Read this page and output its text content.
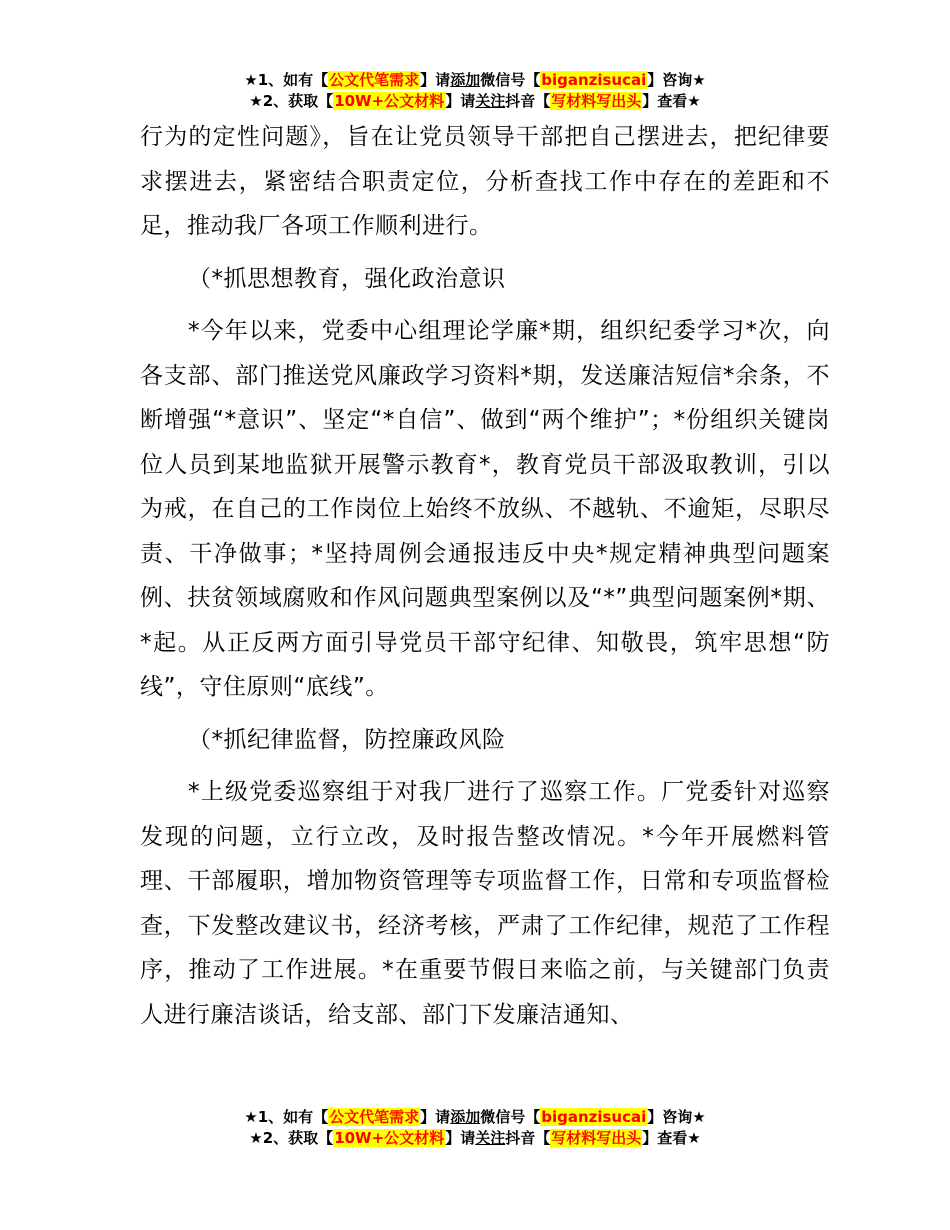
★1、如有【公文代笔需求】请添加微信号【biganzisucai】咨询★
★2、获取【10W+公文材料】请关注抖音【写材料写出头】查看★

行为的定性问题》，旨在让党员领导干部把自己摆进去，把纪律要求摆进去，紧密结合职责定位，分析查找工作中存在的差距和不足，推动我厂各项工作顺利进行。

（*抓思想教育，强化政治意识

*今年以来，党委中心组理论学廉*期，组织纪委学习*次，向各支部、部门推送党风廉政学习资料*期，发送廉洁短信*余条，不断增强“*意识”、坚定“*自信”、做到“两个维护”；*份组织关键岗位人员到某地监狱开展警示教育*，教育党员干部汲取教训，引以为戒，在自己的工作岗位上始终不放纵、不越轨、不逾矩，尽职尽责、干净做事；*坚持周例会通报违反中央*规定精神典型问题案例、扶贫领域腐败和作风问题典型案例以及“*”典型问题案例*期、*起。从正反两方面引导党员干部守纪律、知敬畏，筑牢思想“防线”，守住原则“底线”。

（*抓纪律监督，防控廉政风险

*上级党委巡察组于对我厂进行了巡察工作。厂党委针对巡察发现的问题，立行立改，及时报告整改情况。*今年开展燃料管理、干部履职，增加物资管理等专项监督工作，日常和专项监督检查，下发整改建议书，经济考核，严肃了工作纪律，规范了工作程序，推动了工作进展。*在重要节假日来临之前，与关键部门负责人进行廉洁谈话，给支部、部门下发廉洁通知、

★1、如有【公文代笔需求】请添加微信号【biganzisucai】咨询★
★2、获取【10W+公文材料】请关注抖音【写材料写出头】查看★
